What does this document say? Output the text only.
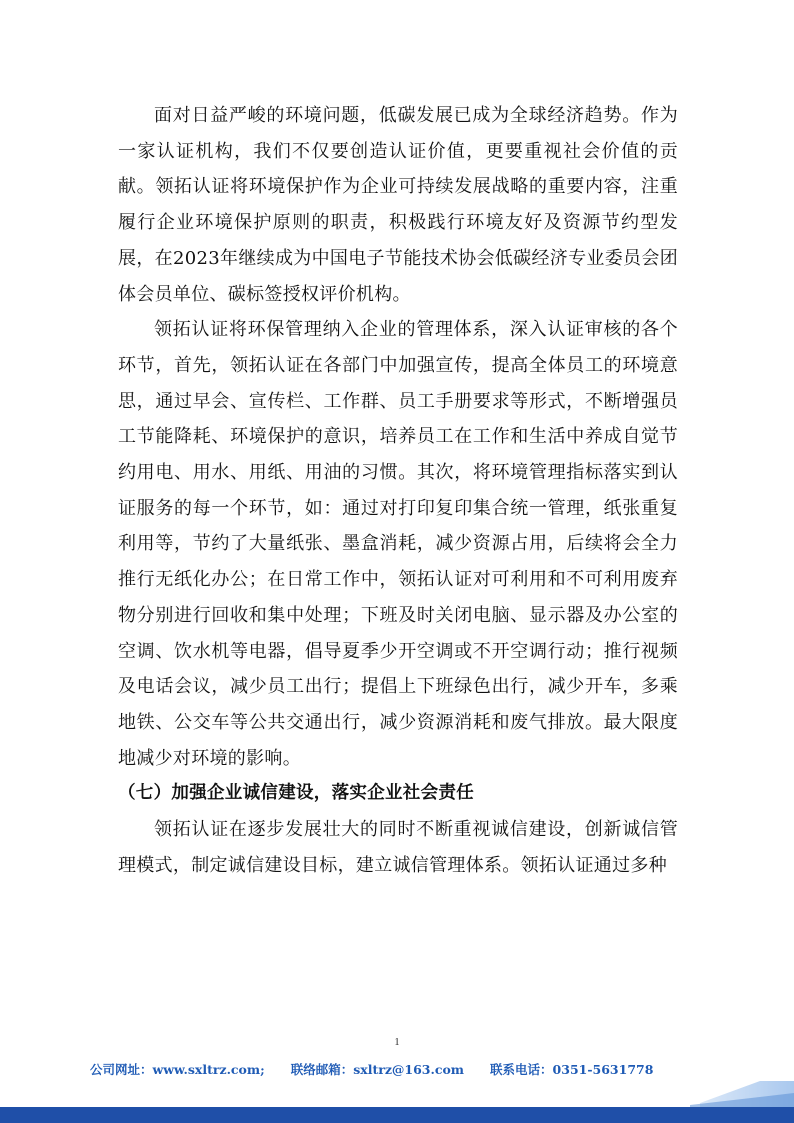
面对日益严峻的环境问题，低碳发展已成为全球经济趋势。作为一家认证机构，我们不仅要创造认证价值，更要重视社会价值的贡献。领拓认证将环境保护作为企业可持续发展战略的重要内容，注重履行企业环境保护原则的职责，积极践行环境友好及资源节约型发展，在2023年继续成为中国电子节能技术协会低碳经济专业委员会团体会员单位、碳标签授权评价机构。

领拓认证将环保管理纳入企业的管理体系，深入认证审核的各个环节，首先，领拓认证在各部门中加强宣传，提高全体员工的环境意思，通过早会、宣传栏、工作群、员工手册要求等形式，不断增强员工节能降耗、环境保护的意识，培养员工在工作和生活中养成自觉节约用电、用水、用纸、用油的习惯。其次，将环境管理指标落实到认证服务的每一个环节，如：通过对打印复印集合统一管理，纸张重复利用等，节约了大量纸张、墨盒消耗，减少资源占用，后续将会全力推行无纸化办公；在日常工作中，领拓认证对可利用和不可利用废弃物分别进行回收和集中处理；下班及时关闭电脑、显示器及办公室的空调、饮水机等电器，倡导夏季少开空调或不开空调行动；推行视频及电话会议，减少员工出行；提倡上下班绿色出行，减少开车，多乘地铁、公交车等公共交通出行，减少资源消耗和废气排放。最大限度地减少对环境的影响。

（七）加强企业诚信建设，落实企业社会责任

领拓认证在逐步发展壮大的同时不断重视诚信建设，创新诚信管理模式，制定诚信建设目标，建立诚信管理体系。领拓认证通过多种

1
公司网址：www.sxltrz.com; 联络邮箱：sxltrz@163.com 联系电话：0351-5631778
